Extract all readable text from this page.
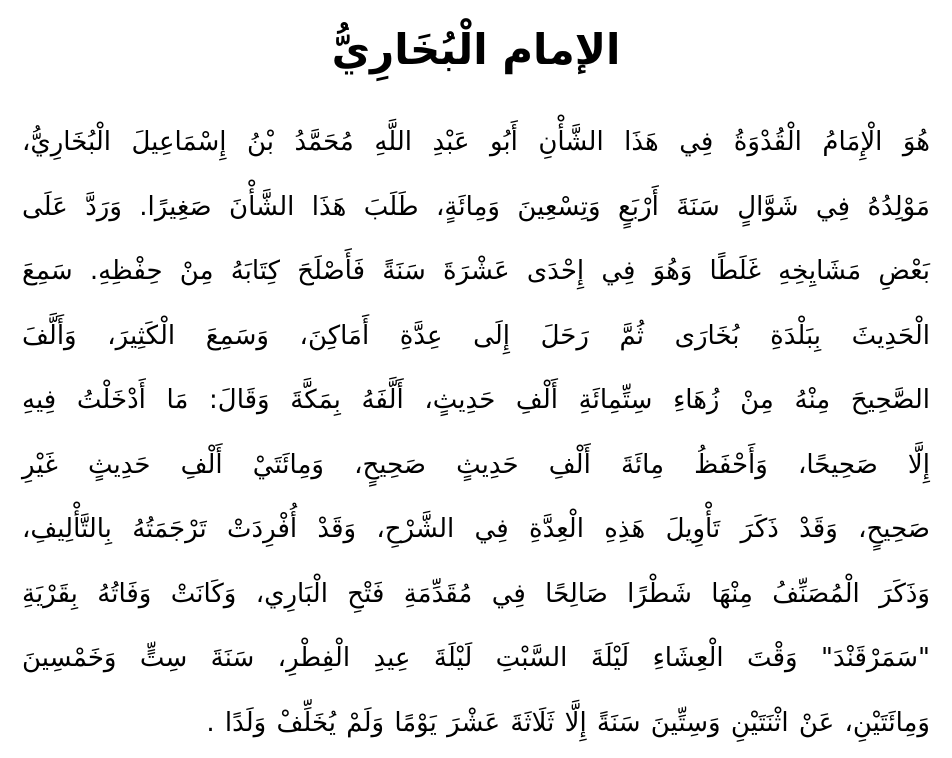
الإمام الْبُخَارِيُّ
هُوَ الْإِمَامُ الْقُدْوَةُ فِي هَذَا الشَّأْنِ أَبُو عَبْدِ اللَّهِ مُحَمَّدُ بْنُ إِسْمَاعِيلَ الْبُخَارِيُّ،
مَوْلِدُهُ فِي شَوَّالٍ سَنَةَ أَرْبَعٍ وَتِسْعِينَ وَمِائَةٍ، طَلَبَ هَذَا الشَّأْنَ صَغِيرًا. وَرَدَّ عَلَى
بَعْضِ مَشَايِخِهِ غَلَطًا وَهُوَ فِي إِحْدَى عَشْرَةَ سَنَةً فَأَصْلَحَ كِتَابَهُ مِنْ حِفْظِهِ. سَمِعَ
الْحَدِيثَ بِبَلْدَةِ بُخَارَى ثُمَّ رَحَلَ إِلَى عِدَّةِ أَمَاكِنَ، وَسَمِعَ الْكَثِيرَ، وَأَلَّفَ
الصَّحِيحَ مِنْهُ مِنْ زُهَاءِ سِتِّمِائَةِ أَلْفِ حَدِيثٍ، أَلَّفَهُ بِمَكَّةَ وَقَالَ: مَا أَدْخَلْتُ فِيهِ
إِلَّا صَحِيحًا، وَأَحْفَظُ مِائَةَ أَلْفِ حَدِيثٍ صَحِيحٍ، وَمِائَتَيْ أَلْفِ حَدِيثٍ غَيْرِ
صَحِيحٍ، وَقَدْ ذَكَرَ تَأْوِيلَ هَذِهِ الْعِدَّةِ فِي الشَّرْحِ، وَقَدْ أُفْرِدَتْ تَرْجَمَتُهُ بِالتَّأْلِيفِ،
وَذَكَرَ الْمُصَنِّفُ مِنْهَا شَطْرًا صَالِحًا فِي مُقَدِّمَةِ فَتْحِ الْبَارِي، وَكَانَتْ وَفَاتُهُ بِقَرْيَةِ
"سَمَرْقَنْدَ" وَقْتَ الْعِشَاءِ لَيْلَةَ السَّبْتِ لَيْلَةَ عِيدِ الْفِطْرِ، سَنَةَ سِتٍّ وَخَمْسِينَ
وَمِائَتَيْنِ، عَنْ اثْنَتَيْنِ وَسِتِّينَ سَنَةً إِلَّا ثَلَاثَةَ عَشْرَ يَوْمًا وَلَمْ يُخَلِّفْ وَلَدًا .
